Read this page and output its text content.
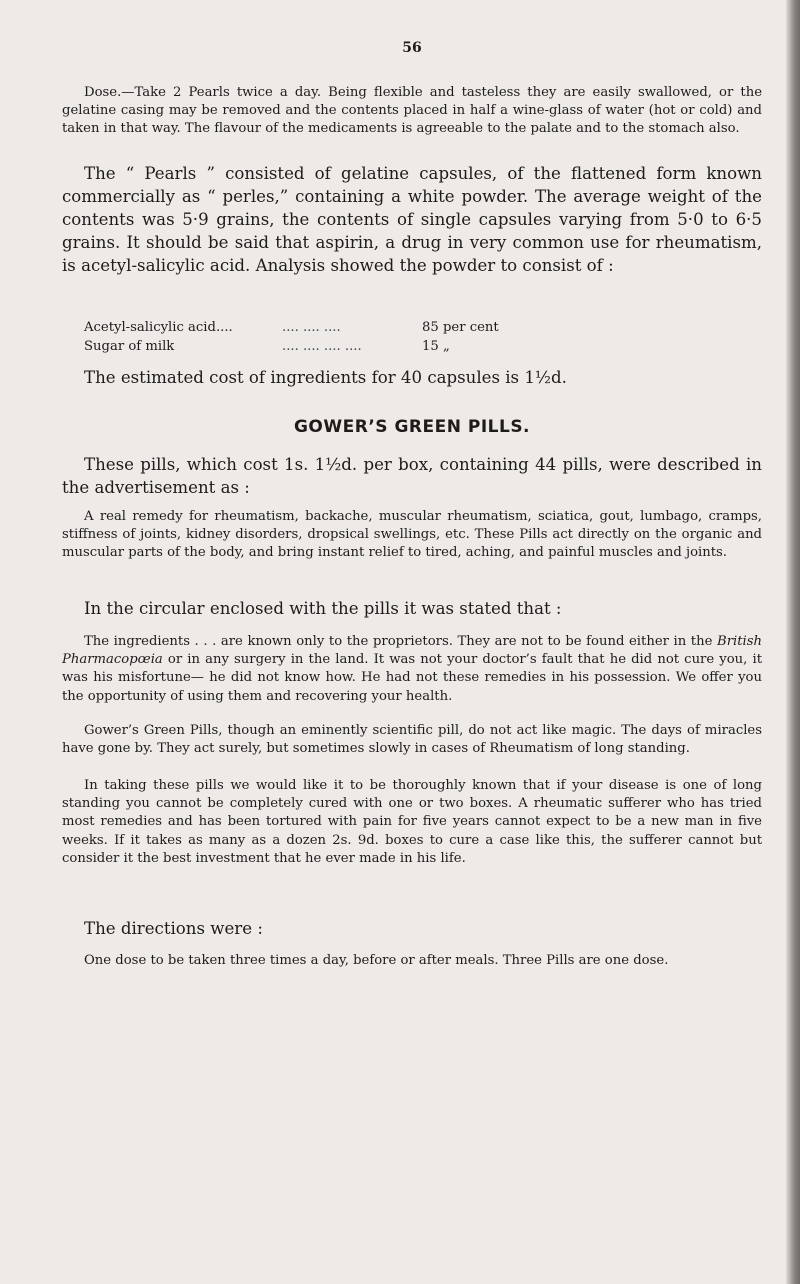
56

Dose.—Take 2 Pearls twice a day. Being flexible and tasteless they are easily swallowed, or the gelatine casing may be removed and the contents placed in half a wine-glass of water (hot or cold) and taken in that way. The flavour of the medicaments is agreeable to the palate and to the stomach also.

The “ Pearls ” consisted of gelatine capsules, of the flattened form known commercially as “ perles,” containing a white powder. The average weight of the contents was 5·9 grains, the contents of single capsules varying from 5·0 to 6·5 grains. It should be said that aspirin, a drug in very common use for rheumatism, is acetyl-salicylic acid. Analysis showed the powder to consist of :

Acetyl-salicylic acid....	.... .... ....	85 per cent
Sugar of milk	.... .... .... ....	15 „

The estimated cost of ingredients for 40 capsules is 1½d.

GOWER’S GREEN PILLS.

These pills, which cost 1s. 1½d. per box, containing 44 pills, were described in the advertisement as :

A real remedy for rheumatism, backache, muscular rheumatism, sciatica, gout, lumbago, cramps, stiffness of joints, kidney disorders, dropsical swellings, etc. These Pills act directly on the organic and muscular parts of the body, and bring instant relief to tired, aching, and painful muscles and joints.

In the circular enclosed with the pills it was stated that :

The ingredients . . . are known only to the proprietors. They are not to be found either in the British Pharmacopœia or in any surgery in the land. It was not your doctor’s fault that he did not cure you, it was his misfortune— he did not know how. He had not these remedies in his possession. We offer you the opportunity of using them and recovering your health.

Gower’s Green Pills, though an eminently scientific pill, do not act like magic. The days of miracles have gone by. They act surely, but sometimes slowly in cases of Rheumatism of long standing.

In taking these pills we would like it to be thoroughly known that if your disease is one of long standing you cannot be completely cured with one or two boxes. A rheumatic sufferer who has tried most remedies and has been tortured with pain for five years cannot expect to be a new man in five weeks. If it takes as many as a dozen 2s. 9d. boxes to cure a case like this, the sufferer cannot but consider it the best investment that he ever made in his life.

The directions were :

One dose to be taken three times a day, before or after meals. Three Pills are one dose.
